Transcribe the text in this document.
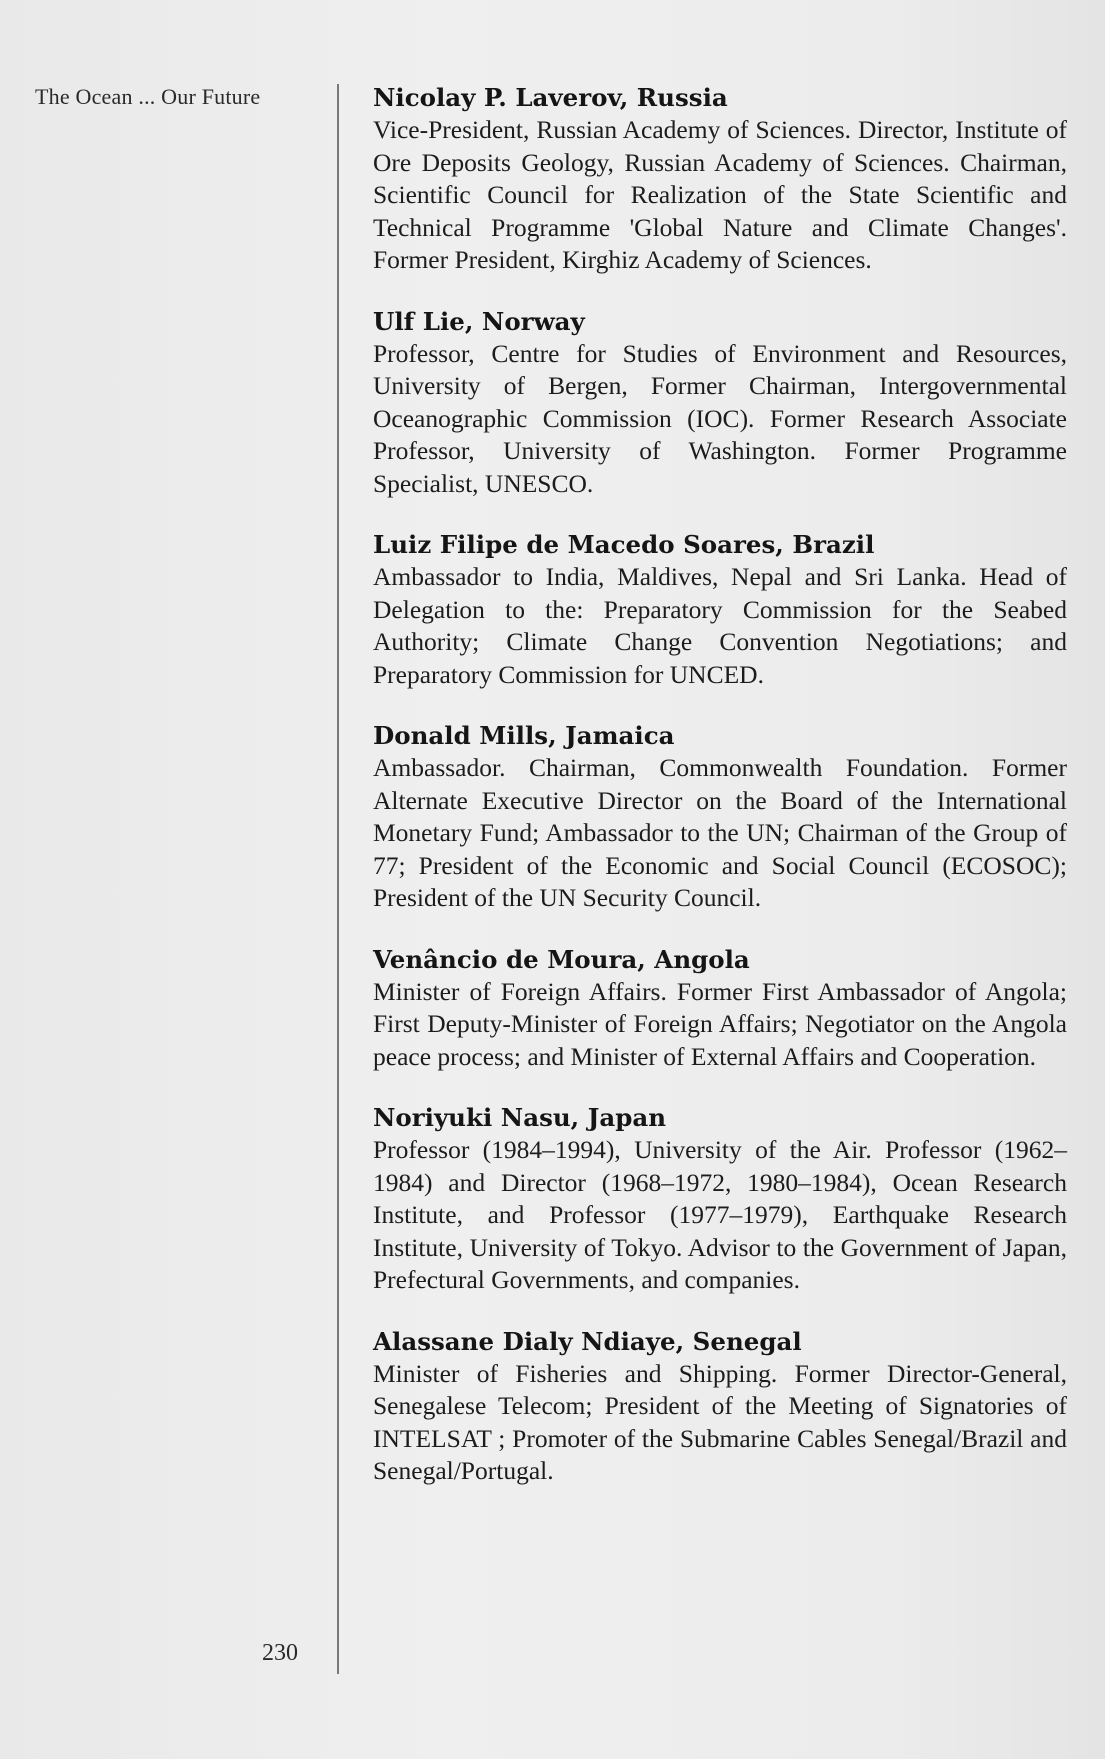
The Ocean ... Our Future	Nicolay P. Laverov, Russia
Vice-President, Russian Academy of Sciences. Director, Institute of Ore Deposits Geology, Russian Academy of Sciences. Chairman, Scientific Council for Realization of the State Scientific and Technical Programme 'Global Nature and Climate Changes'. Former President, Kirghiz Academy of Sciences.
Ulf Lie, Norway
Professor, Centre for Studies of Environment and Resources, University of Bergen, Former Chairman, Intergovernmental Oceanographic Commission (IOC). Former Research Associate Professor, University of Washington. Former Programme Specialist, UNESCO.
Luiz Filipe de Macedo Soares, Brazil
Ambassador to India, Maldives, Nepal and Sri Lanka. Head of Delegation to the: Preparatory Commission for the Seabed Authority; Climate Change Convention Negotiations; and Preparatory Commission for UNCED.
Donald Mills, Jamaica
Ambassador. Chairman, Commonwealth Foundation. Former Alternate Executive Director on the Board of the International Monetary Fund; Ambassador to the UN; Chairman of the Group of 77; President of the Economic and Social Council (ECOSOC); President of the UN Security Council.
Venâncio de Moura, Angola
Minister of Foreign Affairs. Former First Ambassador of Angola; First Deputy-Minister of Foreign Affairs; Negotiator on the Angola peace process; and Minister of External Affairs and Cooperation.
Noriyuki Nasu, Japan
Professor (1984–1994), University of the Air. Professor (1962–1984) and Director (1968–1972, 1980–1984), Ocean Research Institute, and Professor (1977–1979), Earthquake Research Institute, University of Tokyo. Advisor to the Government of Japan, Prefectural Governments, and companies.
Alassane Dialy Ndiaye, Senegal
Minister of Fisheries and Shipping. Former Director-General, Senegalese Telecom; President of the Meeting of Signatories of INTELSAT ; Promoter of the Submarine Cables Senegal/Brazil and Senegal/Portugal.
230
